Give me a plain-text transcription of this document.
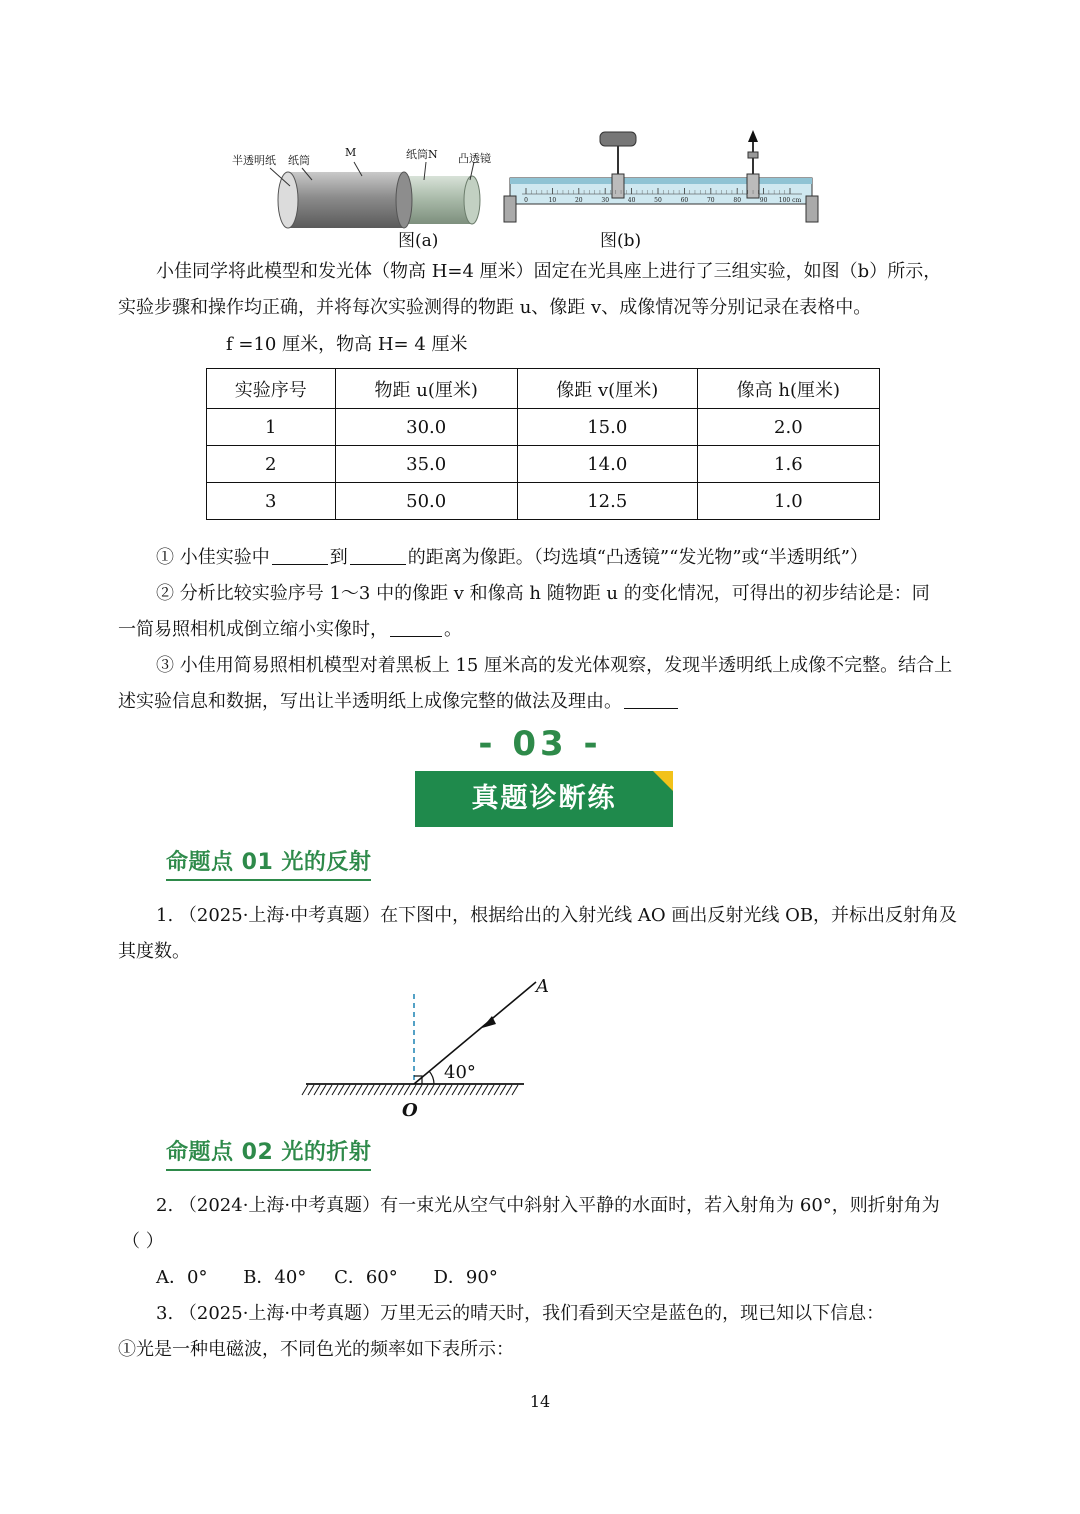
半透明纸 纸筒
M	纸筒N 凸透镜
图(a)
0	10	20	30	40	50	60	70	80	90 100 cm
图(b)
小佳同学将此模型和发光体（物高 H=4 厘米）固定在光具座上进行了三组实验，如图（b）所示，
实验步骤和操作均正确，并将每次实验测得的物距 u、像距 v、成像情况等分别记录在表格中。
f =10 厘米，物高 H= 4 厘米
实验序号	物距 u(厘米)	像距 v(厘米)	像高 h(厘米)
1	30.0	15.0	2.0
2	35.0	14.0	1.6
3	50.0	12.5	1.0
① 小佳实验中	到	的距离为像距。（均选填“凸透镜”“发光物”或“半透明纸”）
② 分析比较实验序号 1～3 中的像距 v 和像高 h 随物距 u 的变化情况，可得出的初步结论是：同
一简易照相机成倒立缩小实像时，	。
③ 小佳用简易照相机模型对着黑板上 15 厘米高的发光体观察，发现半透明纸上成像不完整。结合上
述实验信息和数据，写出让半透明纸上成像完整的做法及理由。
- 03 -
真题诊断练
命题点 01 光的反射
1. （2025·上海·中考真题）在下图中，根据给出的入射光线 AO 画出反射光线 OB，并标出反射角及
其度数。
A
O
40°
命题点 02 光的折射
2. （2024·上海·中考真题）有一束光从空气中斜射入平静的水面时，若入射角为 60°，则折射角为
（ ）
A．0° B．40° C．60° D．90°
3. （2025·上海·中考真题）万里无云的晴天时，我们看到天空是蓝色的，现已知以下信息：
①光是一种电磁波，不同色光的频率如下表所示：
14
